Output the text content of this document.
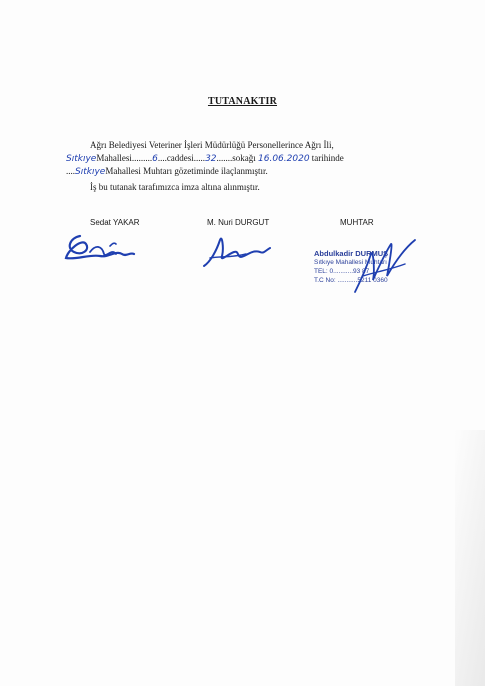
TUTANAKTIR
Ağrı Belediyesi Veteriner İşleri Müdürlüğü Personellerince Ağrı İli,
SıtkıyeMahallesi.........6....caddesi.....32.......sokağı 16.06.2020 tarihinde
....SıtkıyeMahallesi Muhtarı gözetiminde ilaçlanmıştır.
İş bu tutanak tarafımızca imza altına alınmıştır.
Sedat YAKAR	M. Nuri DURGUT	MUHTAR
Abdulkadir DURMUŞ
Sıtkıye Mahallesi Muhtarı
TEL: 0...........93 87
T.C No: ...........5211 0360
